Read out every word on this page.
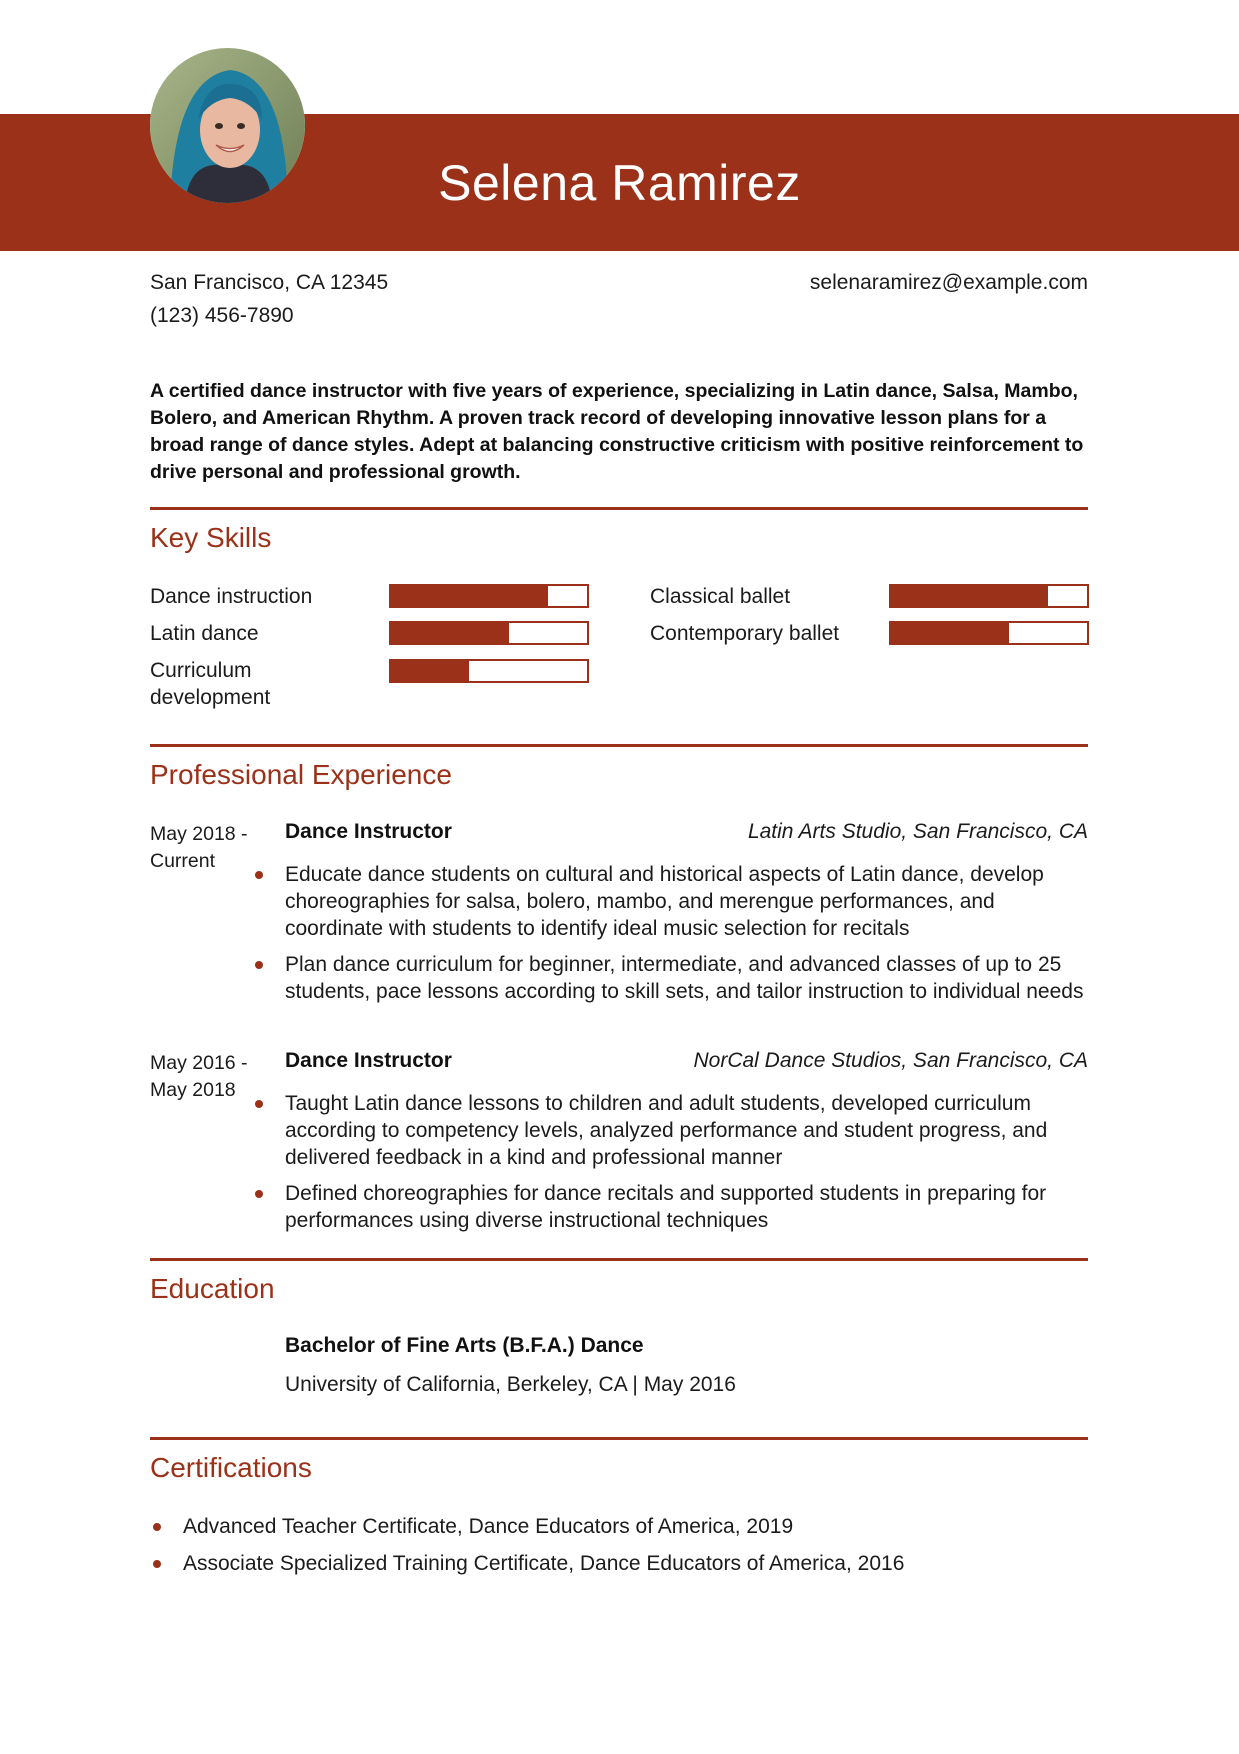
Selena Ramirez
San Francisco, CA 12345
(123) 456-7890
selenaramirez@example.com
A certified dance instructor with five years of experience, specializing in Latin dance, Salsa, Mambo, Bolero, and American Rhythm. A proven track record of developing innovative lesson plans for a broad range of dance styles. Adept at balancing constructive criticism with positive reinforcement to drive personal and professional growth.
Key Skills
Dance instruction	Classical ballet
Latin dance	Contemporary ballet
Curriculum development
Professional Experience
May 2018 -
Current
Dance Instructor	Latin Arts Studio, San Francisco, CA
Educate dance students on cultural and historical aspects of Latin dance, develop choreographies for salsa, bolero, mambo, and merengue performances, and coordinate with students to identify ideal music selection for recitals
Plan dance curriculum for beginner, intermediate, and advanced classes of up to 25 students, pace lessons according to skill sets, and tailor instruction to individual needs
May 2016 -
May 2018
Dance Instructor	NorCal Dance Studios, San Francisco, CA
Taught Latin dance lessons to children and adult students, developed curriculum according to competency levels, analyzed performance and student progress, and delivered feedback in a kind and professional manner
Defined choreographies for dance recitals and supported students in preparing for performances using diverse instructional techniques
Education
Bachelor of Fine Arts (B.F.A.) Dance
University of California, Berkeley, CA | May 2016
Certifications
Advanced Teacher Certificate, Dance Educators of America, 2019
Associate Specialized Training Certificate, Dance Educators of America, 2016
